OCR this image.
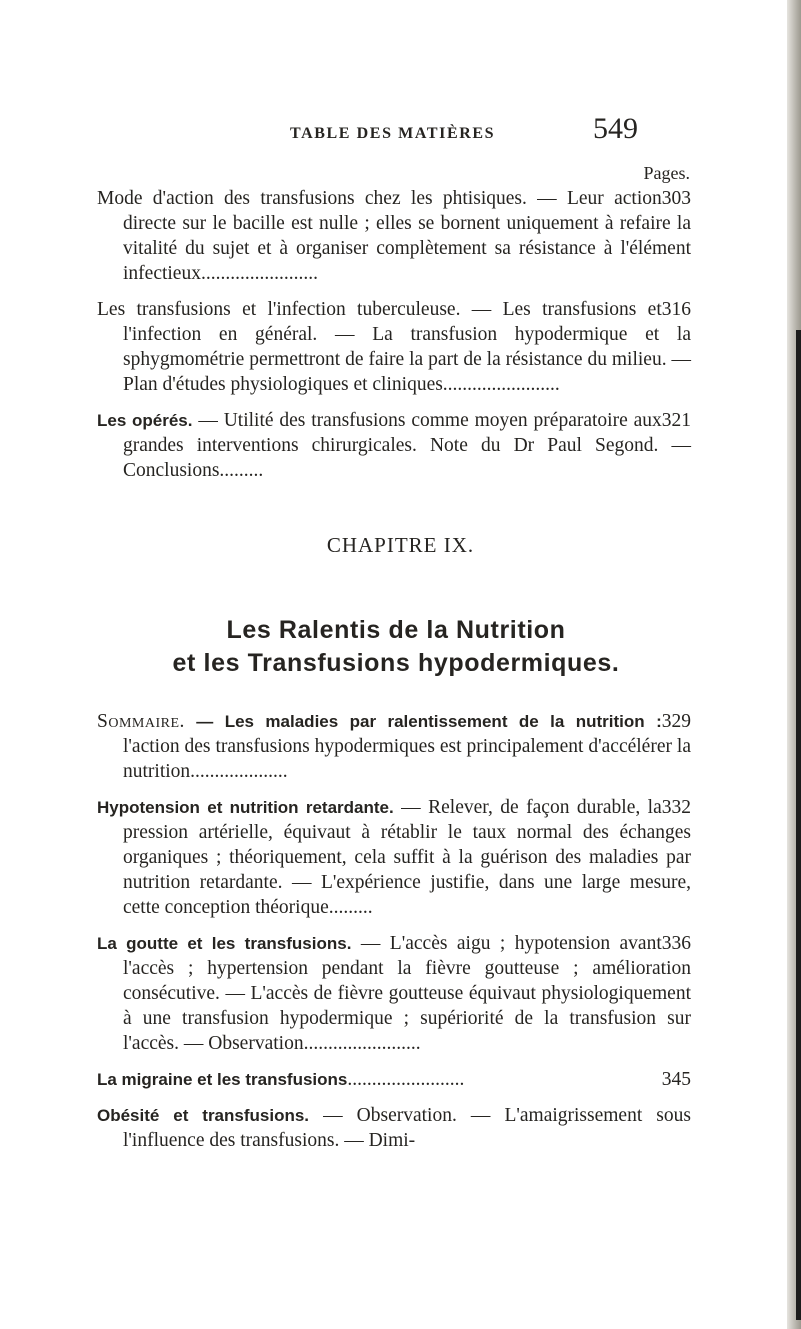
TABLE DES MATIÈRES	549
Pages.
303
Mode d'action des transfusions chez les phtisiques. — Leur action directe sur le bacille est nulle ; elles se bornent uniquement à refaire la vitalité du sujet et à organiser complètement sa résistance à l'élément infectieux........................
316
Les transfusions et l'infection tuberculeuse. — Les transfusions et l'infection en général. — La transfusion hypodermique et la sphygmométrie permettront de faire la part de la résistance du milieu. — Plan d'études physiologiques et cliniques........................
321
Les opérés. — Utilité des transfusions comme moyen préparatoire aux grandes interventions chirurgicales. Note du Dr Paul Segond. — Conclusions.........
CHAPITRE IX.
Les Ralentis de la Nutrition
et les Transfusions hypodermiques.
329
Sommaire. — Les maladies par ralentissement de la nutrition : l'action des transfusions hypodermiques est principalement d'accélérer la nutrition....................
332
Hypotension et nutrition retardante. — Relever, de façon durable, la pression artérielle, équivaut à rétablir le taux normal des échanges organiques ; théoriquement, cela suffit à la guérison des maladies par nutrition retardante. — L'expérience justifie, dans une large mesure, cette conception théorique.........
336
La goutte et les transfusions. — L'accès aigu ; hypotension avant l'accès ; hypertension pendant la fièvre goutteuse ; amélioration consécutive. — L'accès de fièvre goutteuse équivaut physiologiquement à une transfusion hypodermique ; supériorité de la transfusion sur l'accès. — Observation........................
345
La migraine et les transfusions........................
Obésité et transfusions. — Observation. — L'amaigrissement sous l'influence des transfusions. — Dimi-
